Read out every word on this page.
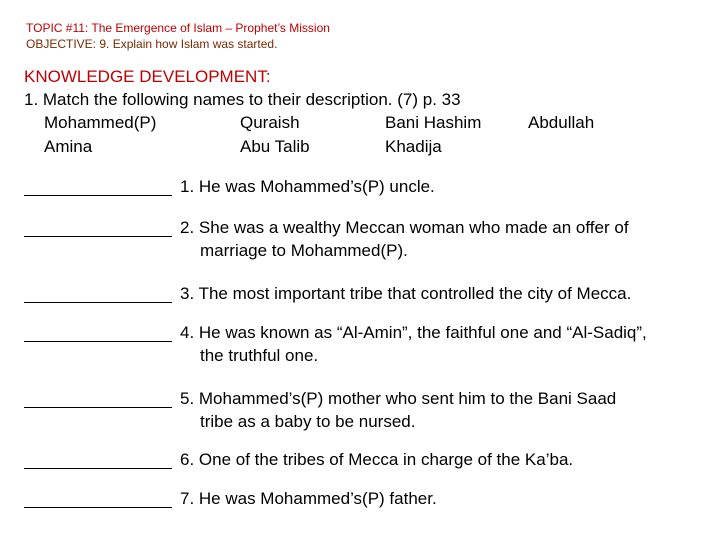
TOPIC #11: The Emergence of Islam – Prophet’s Mission
OBJECTIVE: 9. Explain how Islam was started.
KNOWLEDGE DEVELOPMENT:
1. Match the following names to their description. (7) p. 33
Mohammed(P)	Quraish	Bani Hashim	Abdullah
Amina	Abu Talib	Khadija
1. He was Mohammed’s(P) uncle.
2. She was a wealthy Meccan woman who made an offer of
marriage to Mohammed(P).
3. The most important tribe that controlled the city of Mecca.
4. He was known as “Al-Amin”, the faithful one and “Al-Sadiq”,
the truthful one.
5. Mohammed’s(P) mother who sent him to the Bani Saad
tribe as a baby to be nursed.
6. One of the tribes of Mecca in charge of the Ka’ba.
7. He was Mohammed’s(P) father.
